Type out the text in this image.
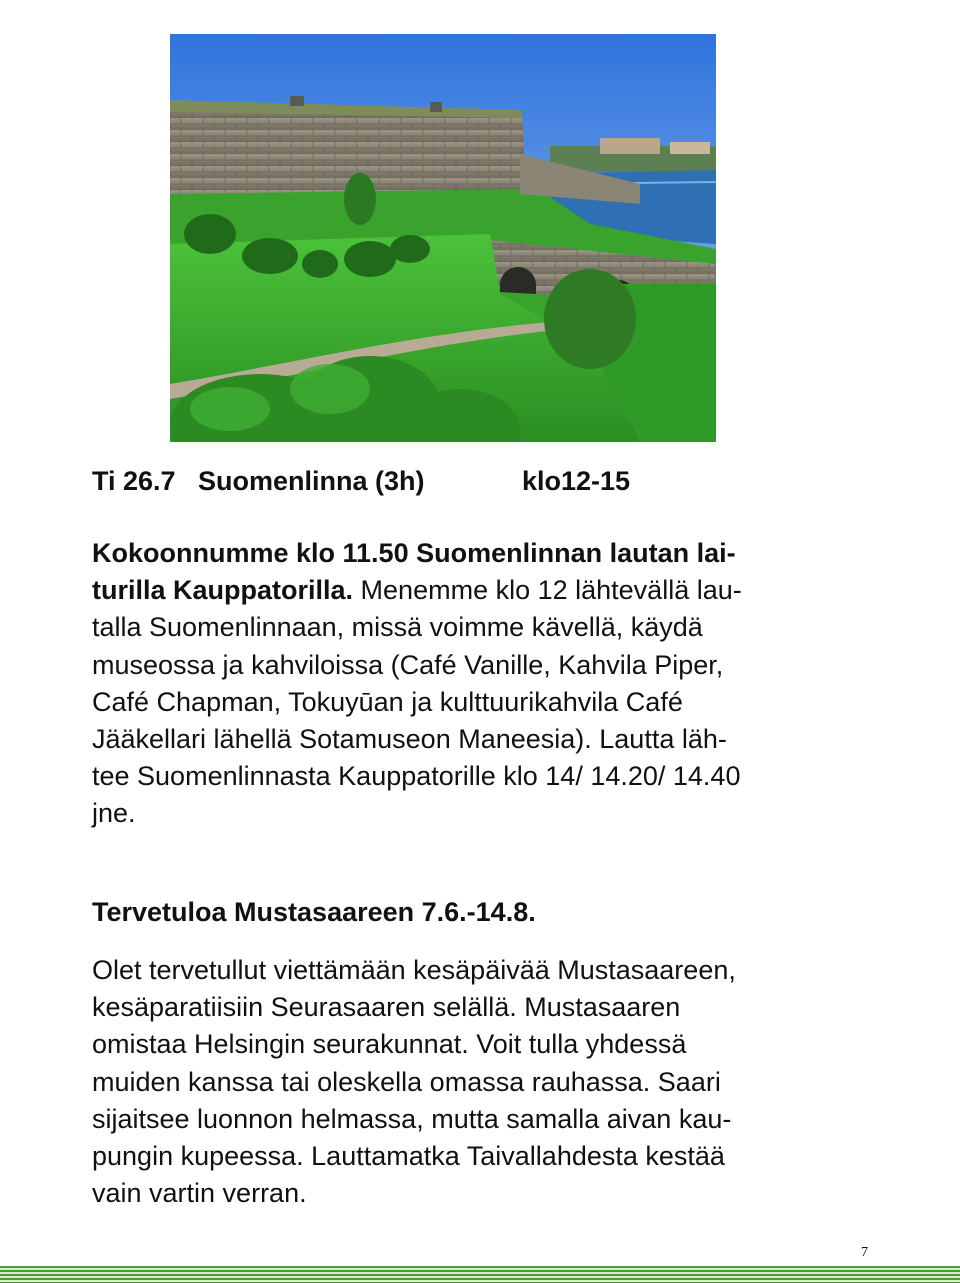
Ti 26.7 Suomenlinna (3h)	klo12-15
Kokoonnumme klo 11.50 Suomenlinnan lautan lai-
turilla Kauppatorilla. Menemme klo 12 lähtevällä lau-
talla Suomenlinnaan, missä voimme kävellä, käydä
museossa ja kahviloissa (Café Vanille, Kahvila Piper,
Café Chapman, Tokuyūan ja kulttuurikahvila Café
Jääkellari lähellä Sotamuseon Maneesia). Lautta läh-
tee Suomenlinnasta Kauppatorille klo 14/ 14.20/ 14.40
jne.
Tervetuloa Mustasaareen 7.6.-14.8.
Olet tervetullut viettämään kesäpäivää Mustasaareen,
kesäparatiisiin Seurasaaren selällä. Mustasaaren
omistaa Helsingin seurakunnat. Voit tulla yhdessä
muiden kanssa tai oleskella omassa rauhassa. Saari
sijaitsee luonnon helmassa, mutta samalla aivan kau-
pungin kupeessa. Lauttamatka Taivallahdesta kestää
vain vartin verran.
7
